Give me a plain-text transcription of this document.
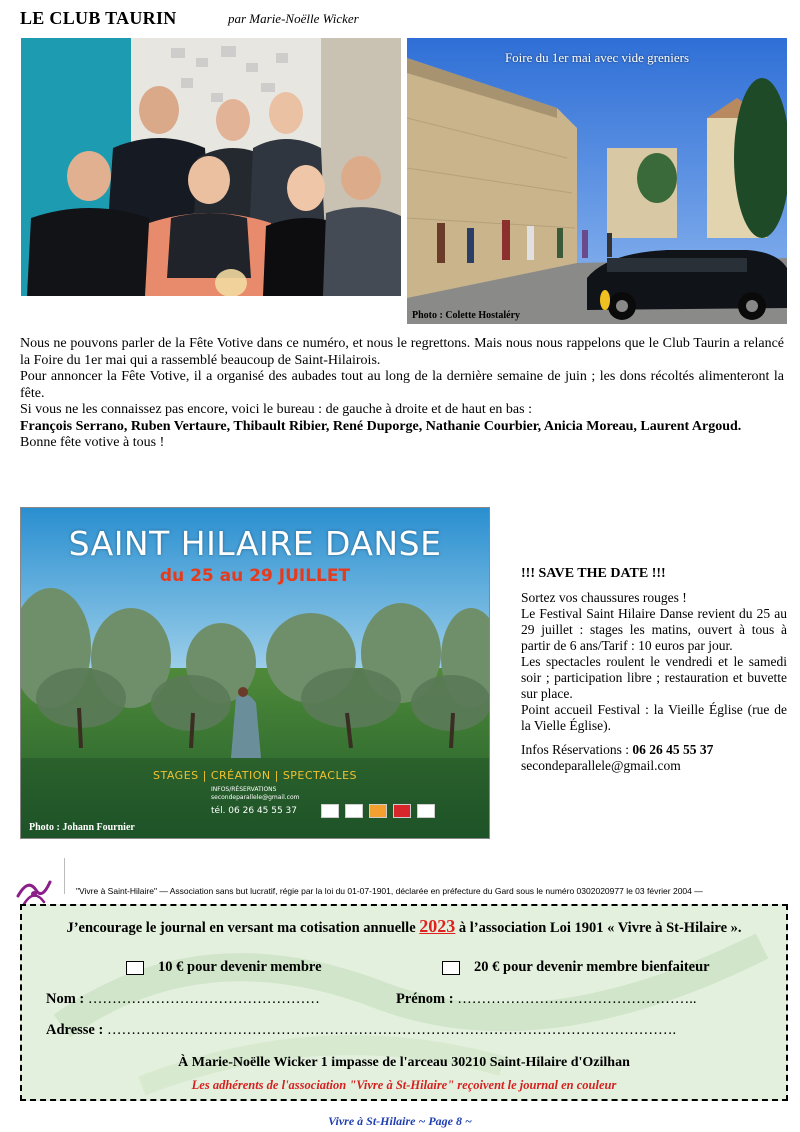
LE CLUB TAURIN	par Marie-Noëlle Wicker
Foire du 1er mai avec vide greniers
Photo : Colette Hostaléry

Nous ne pouvons parler de la Fête Votive dans ce numéro, et nous le regrettons. Mais nous nous rappelons que le Club Taurin a relancé la Foire du 1er mai qui a rassemblé beaucoup de Saint-Hilairois.

Pour annoncer la Fête Votive, il a organisé des aubades tout au long de la dernière semaine de juin ; les dons récoltés alimenteront la fête.

Si vous ne les connaissez pas encore, voici le bureau : de gauche à droite et de haut en bas :

François Serrano, Ruben Vertaure, Thibault Ribier, René Duporge, Nathanie Courbier, Anicia Moreau, Laurent Argoud.

Bonne fête votive à tous !

SAINT HILAIRE DANSE
du 25 au 29 JUILLET
STAGES | CRÉATION | SPECTACLES
INFOS/RÉSERVATIONS
secondeparallele@gmail.com
tél. 06 26 45 55 37
Photo : Johann Fournier
!!! SAVE THE DATE !!!

Sortez vos chaussures rouges !

Le Festival Saint Hilaire Danse revient du 25 au 29 juillet : stages les matins, ouvert à tous à partir de 6 ans/Tarif : 10 euros par jour.

Les spectacles roulent le vendredi et le samedi soir ; participation libre ; restauration et buvette sur place.

Point accueil Festival : la Vieille Église (rue de la Vielle Église).

Infos Réservations : 06 26 45 55 37

secondeparallele@gmail.com

"Vivre à Saint-Hilaire" — Association sans but lucratif, régie par la loi du 01-07-1901, déclarée en préfecture du Gard sous le numéro 0302020977 le 03 février 2004 —
J’encourage le journal en versant ma cotisation annuelle 2023 à l’association Loi 1901 « Vivre à St-Hilaire ».
10 € pour devenir membre	20 € pour devenir membre bienfaiteur
Nom : …………………………………………	Prénom : …………………………………………..
Adresse : ……………………………………………………………………………………………………….
À Marie-Noëlle Wicker 1 impasse de l'arceau 30210 Saint-Hilaire d'Ozilhan
Les adhérents de l'association "Vivre à St-Hilaire" reçoivent le journal en couleur
Vivre à St-Hilaire ~ Page 8 ~
